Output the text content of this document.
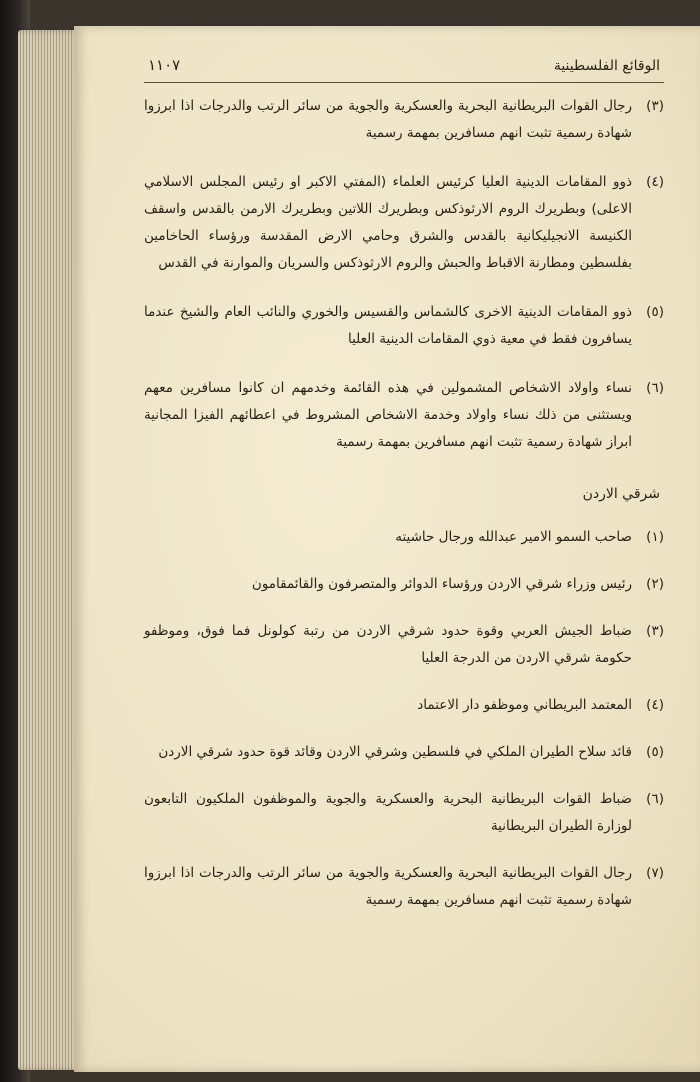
الوقائع الفلسطينية
١١٠٧
(٣)
رجال القوات البريطانية البحرية والعسكرية والجوية من سائر الرتب والدرجات اذا ابرزوا شهادة رسمية تثبت انهم مسافرين بمهمة رسمية
(٤)
ذوو المقامات الدينية العليا كرئيس العلماء (المفتي الاكبر او رئيس المجلس الاسلامي الاعلى) وبطريرك الروم الارثوذكس وبطريرك اللاتين وبطريرك الارمن بالقدس واسقف الكنيسة الانجيليكانية بالقدس والشرق وحامي الارض المقدسة ورؤساء الحاخامين بفلسطين ومطارنة الاقباط والحبش والروم الارثوذكس والسريان والموارنة في القدس
(٥)
ذوو المقامات الدينية الاخرى كالشماس والقسيس والخوري والنائب العام والشيخ عندما يسافرون فقط في معية ذوي المقامات الدينية العليا
(٦)
نساء واولاد الاشخاص المشمولين في هذه القائمة وخدمهم ان كانوا مسافرين معهم ويستثنى من ذلك نساء واولاد وخدمة الاشخاص المشروط في اعطائهم الفيزا المجانية ابراز شهادة رسمية تثبت انهم مسافرين بمهمة رسمية
شرقي الاردن
(١)
صاحب السمو الامير عبدالله ورجال حاشيته
(٢)
رئيس وزراء شرقي الاردن ورؤساء الدوائر والمتصرفون والقائمقامون
(٣)
ضباط الجيش العربي وقوة حدود شرقي الاردن من رتبة كولونل فما فوق، وموظفو حكومة شرقي الاردن من الدرجة العليا
(٤)
المعتمد البريطاني وموظفو دار الاعتماد
(٥)
قائد سلاح الطيران الملكي في فلسطين وشرقي الاردن وقائد قوة حدود شرقي الاردن
(٦)
ضباط القوات البريطانية البحرية والعسكرية والجوية والموظفون الملكيون التابعون لوزارة الطيران البريطانية
(٧)
رجال القوات البريطانية البحرية والعسكرية والجوية من سائر الرتب والدرجات اذا ابرزوا شهادة رسمية تثبت انهم مسافرين بمهمة رسمية
